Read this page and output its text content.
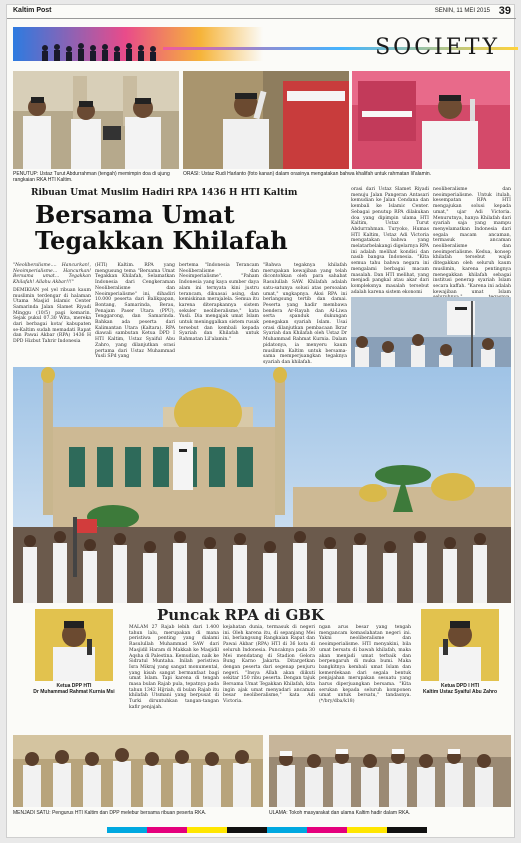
Kaltim Post	SENIN, 11 MEI 2015 39
SOCIETY
PENUTUP: Ustaz Turut Abdurrahman (tengah) memimpin doa di ujung rangkaian RKA HTI Kaltim.
ORASI: Ustaz Rudi Harlanto (foto kanan) dalam orasinya mengatakan bahwa khalifah untuk rahmatan lil'alamin.
Ribuan Umat Muslim Hadiri RPA 1436 H HTI Kaltim
Bersama Umat Tegakkan Khilafah
orasi dari Ustaz Slamet Riyadi menuju Jalan Pangeran Antasari kemudian ke Jalan Cendana dan kembali ke Islamic Center. Sebagai penutup RPA dilakukan doa yang dipimpin ulama HTI Kaltim, Ustaz Turut Abdurrahman. Turyoko, Humas HTI Kaltim, Ustaz Adi Victoria mengatakan bahwa yang melatarbelakangi digelarnya RPA ini adalah melihat kondisi dan nasib bangsa Indonesia. "Kita semua tahu bahwa negara ini mengalami berbagai macam masalah. Dan HTI melihat, yang menjadi pangkal atau akar dari kompleksnya masalah tersebut adalah karena sistem ekonomi
neoliberalisme dan neoimperialisme. Untuk itulah, kesempatan RPA HTI mengajukan solusi kepada umat," ujar Adi Victoria. Menurutnya, hanya Khilafah dari syariah saja yang mampu menyelamatkan Indonesia dari segala macam ancaman, termasuk ancaman neoliberalisme dan neoimperialisme. Kedua, konsep khilafah tersebut wajib ditegakkan oleh seluruh kaum muslimin, karena pentingnya menegakkan khilafah sebagai institusi penerap syariah Islam secara kaffah. "Karena ini adalah kewajiban umat Islam

"Neoliberalisme…. Hancurkan!, Neoimperialisme… Hancurkan! Bersama umat… Tegakkan Khilafah! Allahu Akbar!!!"

DEMIKIAN yel yel ribuan kaum muslimin terdengar di halaman Utama Masjid Islamic Center Samarinda Jalan Slamet Riyadi Minggu (10/5) pagi kemarin. Sejak pukul 07.30 Wita, mereka dari berbagai kota/ kabupaten se-Kaltim sudah memadati Rapat dan Pawai Akbar (RPA) 1436 H DPD Hizbut Tahrir Indonesia

(HTI) Kaltim. RPA yang mengusung tema "Bersama Umat Tegakkan Khilafah, Selamatkan Indonesia dari Cengkeraman Neoliberalisme dan Neoimperialisme" ini, dihadiri 10.000 peserta dari Balikpapan, Bontang, Samarinda, Berau, Penajam Paser Utara (PPU), Tenggarong, dan Samarinda. Bahkan ada peserta dari Kalimantan Utara (Kaltara). RPA diawali sambutan Ketua DPD I HTI Kaltim, Ustaz Syaiful Abu Zahro, yang dilanjutkan orasi pertama dari Ustaz Muhammad Yusli SPd yang
bertema "Indonesia Terancam Neoliberalisme dan Neoimperialisme". "Paham Indonesia yang kaya sumber daya alam ini ternyata kini justru terancam, dikuasai asing, dan kemiskinan merajalela. Semua itu karena diterapkannya sistem sekuler neoliberalisme," kata Yusli. Dia mengajak umat Islam untuk meninggalkan sistem rusak tersebut dan kembali kepada Syariah dan Khilafah untuk Rahmatan Lil'alamin."
"Bahwa tegaknya khilafah merupakan kewajiban yang telah dicontohkan oleh para sahabat Rasulullah SAW. Khilafah adalah satu-satunya solusi atas persoalan umat," ungkapnya. Aksi RPA ini berlangsung tertib dan damai. Peserta yang hadir membawa bendera Ar-Rayah dan Al-Liwa serta spanduk dukungan penegakan syariah Islam. Usai orasi dilanjutkan pembacaan Ikrar Syariah dan Khilafah oleh Ustaz Dr Muhammad Rahmat Kurnia. Dalam pidatonya, ia menyeru kaum muslimin Kaltim untuk bersama-sama memperjuangkan tegaknya syariah dan khilafah.
Puncak RPA di GBK
Ketua DPP HTI
Dr Muhammad Rahmat Kurnia Msi
Ketua DPD I HTI
Kaltim Ustaz Syaiful Abu Zahro
MALAM 27 Rajab lebih dari 1.400 tahun lalu, merupakan di mana peristiwa penting yang dialami Rasulullah Muhammad SAW dari Masjidil Haram di Makkah ke Masjidil Aqsha di Palestina. Kemudian, naik ke Sidratul Muntaha. Inilah peristiwa Isra Mikraj yang sangat monumental, yang kisah sangat bermanfaat bagi umat Islam. Tapi karena di tengah masa bulan Rajab pula, tepatnya pada tahun 1342 Hijriah, di bulan Rajab itu khilafah Utsmani yang berpusat di Turki diruntuhkan tangan-tangan kafir penjajah.
kejahatan dunia, termasuk di negeri ini. Oleh karena itu, di sepanjang Mei ini, berlangsung Rangkaian Rapat dan Pawai Akbar (RPA) HTI di 36 kota di seluruh Indonesia. Puncaknya pada 30 Mei mendatang di Stadion Gelora Bung Karno Jakarta. Ditargetkan dengan peserta dari segenap penjuru negeri. "Insya Allah akan diikuti sekitar 150 ribu peserta. Dengan tajuk Bersama Umat Tegakkan Khilafah, kita ingin ajak umat menyadari ancaman besar neoliberalisme," kata Adi Victoria.
ngan arus besar yang tengah mengancam kemaslahatan negeri ini. Yakni neoliberalisme dan neoimperialisme. HTI menyakini, bila umat bersatu di bawah khilafah, maka akan menjadi umat terbaik dan berpengaruh di muka bumi. Maka bangkitnya kembali umat Islam dan kemerdekaan dari segala bentuk penjajahan merupakan sesuatu yang harus diperjuangkan bersama. "Kita serukan kepada seluruh komponen umat untuk bersatu," tandasnya. (*/bry/dba/k18)
MENJADI SATU: Pengurus HTI Kaltim dan DPP melebur bersama ribuan peserta RKA.	ULAMA: Tokoh masyarakat dan ulama Kaltim hadir dalam RKA.
